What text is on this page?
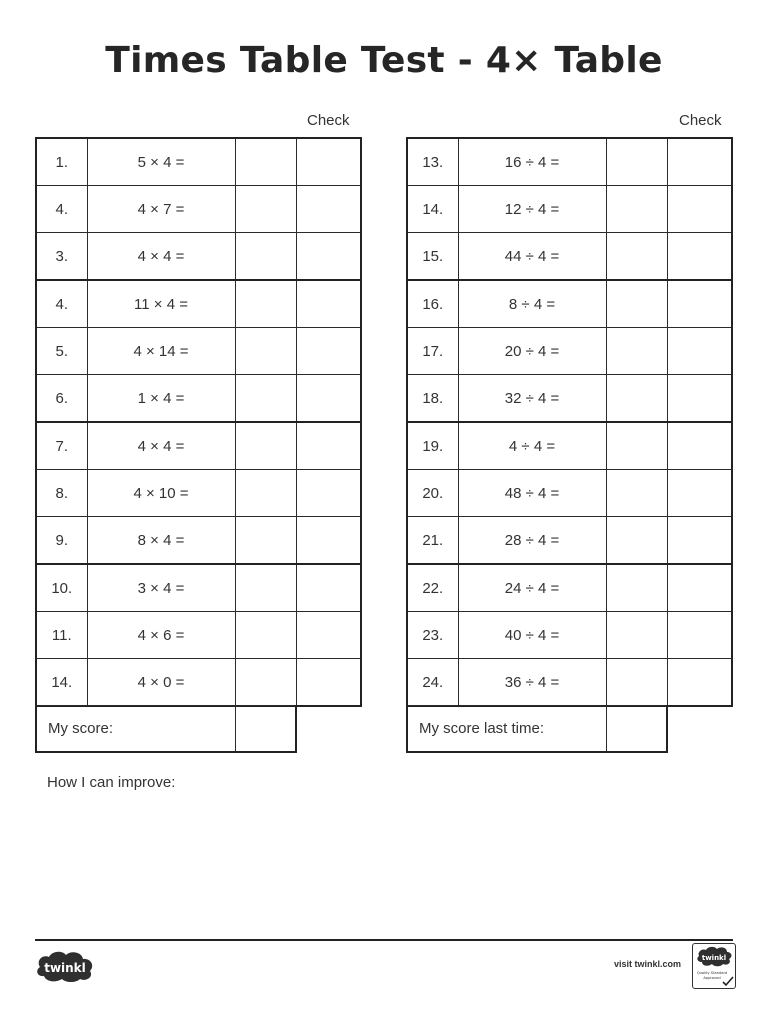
Times Table Test - 4× Table
Check	Check
1.	5 × 4 =		
4.	4 × 7 =		
3.	4 × 4 =		
4.	11 × 4 =		
5.	4 × 14 =		
6.	1 × 4 =		
7.	4 × 4 =		
8.	4 × 10 =		
9.	8 × 4 =		
10.	3 × 4 =		
11.	4 × 6 =		
14.	4 × 0 =		
13.	16 ÷ 4 =		
14.	12 ÷ 4 =		
15.	44 ÷ 4 =		
16.	8 ÷ 4 =		
17.	20 ÷ 4 =		
18.	32 ÷ 4 =		
19.	4 ÷ 4 =		
20.	48 ÷ 4 =		
21.	28 ÷ 4 =		
22.	24 ÷ 4 =		
23.	40 ÷ 4 =		
24.	36 ÷ 4 =		
My score:		My score last time:	
How I can improve:
twinkl	visit twinkl.com
twinkl
Quality Standard
Approved
